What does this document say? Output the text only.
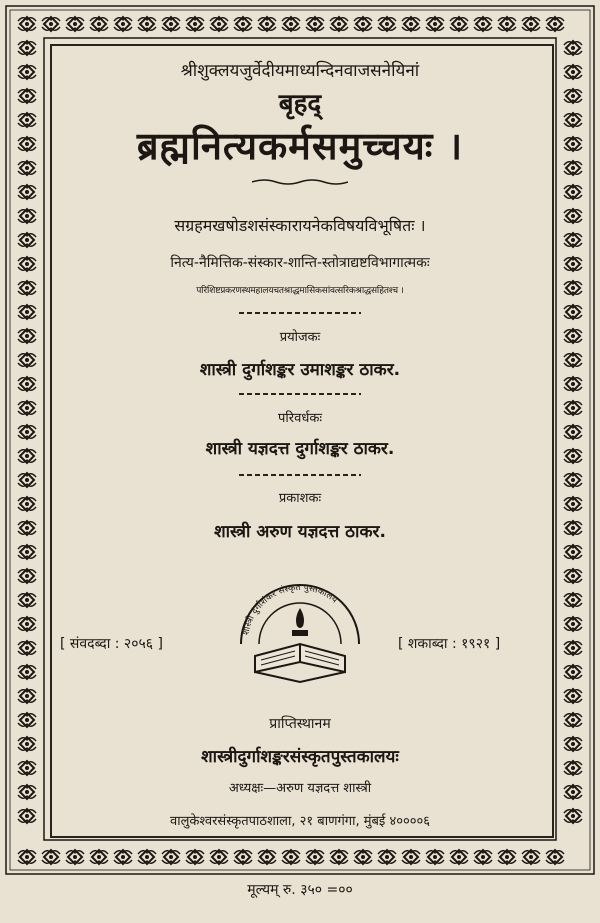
श्रीशुक्लयजुर्वेदीयमाध्यन्दिनवाजसनेयिनां
बृहद्
ब्रह्मनित्यकर्मसमुच्चयः ।
सग्रहमखषोडशसंस्कारायनेकविषयविभूषितः ।
नित्य-नैमित्तिक-संस्कार-शान्ति-स्तोत्राद्यष्टविभागात्मकः
परिशिष्टप्रकरणस्थमहालयचतश्राद्धमासिकसांवत्सरिकश्राद्धसहितश्च ।
प्रयोजकः
शास्त्री दुर्गाशङ्कर उमाशङ्कर ठाकर.
परिवर्धकः
शास्त्री यज्ञदत्त दुर्गाशङ्कर ठाकर.
प्रकाशकः
शास्त्री अरुण यज्ञदत्त ठाकर.
शास्त्री दुर्गाशंकर संस्कृत पुस्तकालय
[ संवदब्दा : २०५६ ]	[ शकाब्दा : १९२१ ]
प्राप्तिस्थानम
शास्त्रीदुर्गाशङ्करसंस्कृतपुस्तकालयः
अध्यक्षः—अरुण यज्ञदत्त शास्त्री
वालुकेश्वरसंस्कृतपाठशाला, २१ बाणगंगा, मुंबई ४००००६
मूल्यम् रु. ३५० =००
